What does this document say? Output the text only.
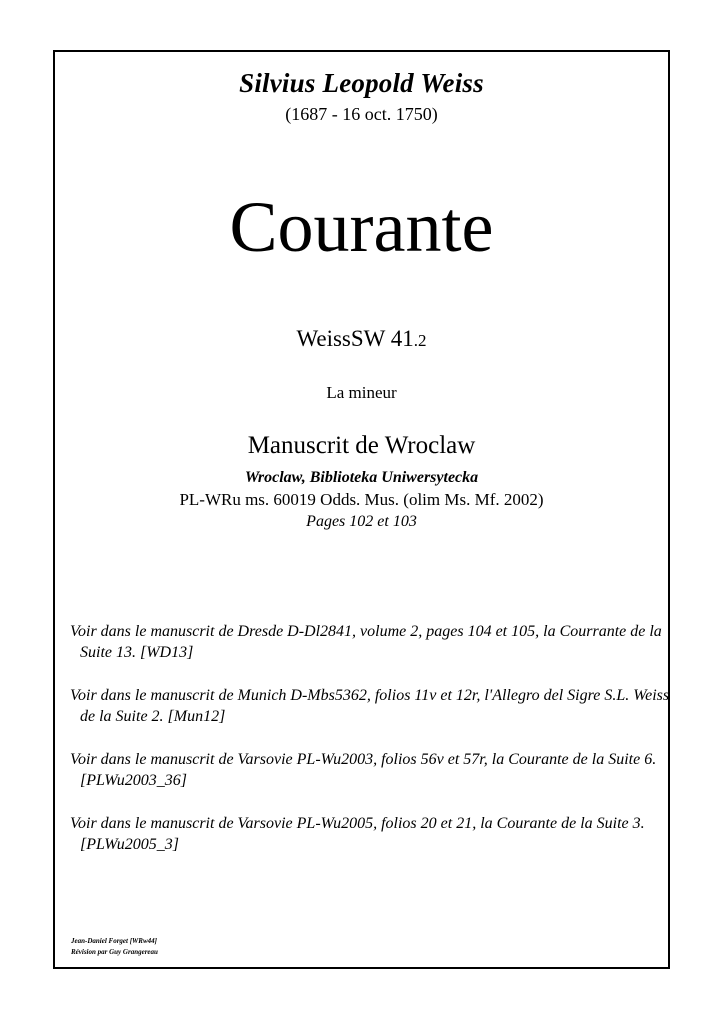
Silvius Leopold Weiss
(1687 - 16 oct. 1750)
Courante
WeissSW 41.2
La mineur
Manuscrit de Wroclaw
Wroclaw, Biblioteka Uniwersytecka
PL-WRu ms. 60019 Odds. Mus. (olim Ms. Mf. 2002)
Pages 102 et 103

Voir dans le manuscrit de Dresde D-Dl2841, volume 2, pages 104 et 105, la Courrante de la Suite 13. [WD13]

Voir dans le manuscrit de Munich D-Mbs5362, folios 11v et 12r, l'Allegro del Sigre S.L. Weiss de la Suite 2. [Mun12]

Voir dans le manuscrit de Varsovie PL-Wu2003, folios 56v et 57r, la Courante de la Suite 6. [PLWu2003_36]

Voir dans le manuscrit de Varsovie PL-Wu2005, folios 20 et 21, la Courante de la Suite 3. [PLWu2005_3]

Jean-Daniel Forget [WRw44]
Révision par Guy Grangereau
